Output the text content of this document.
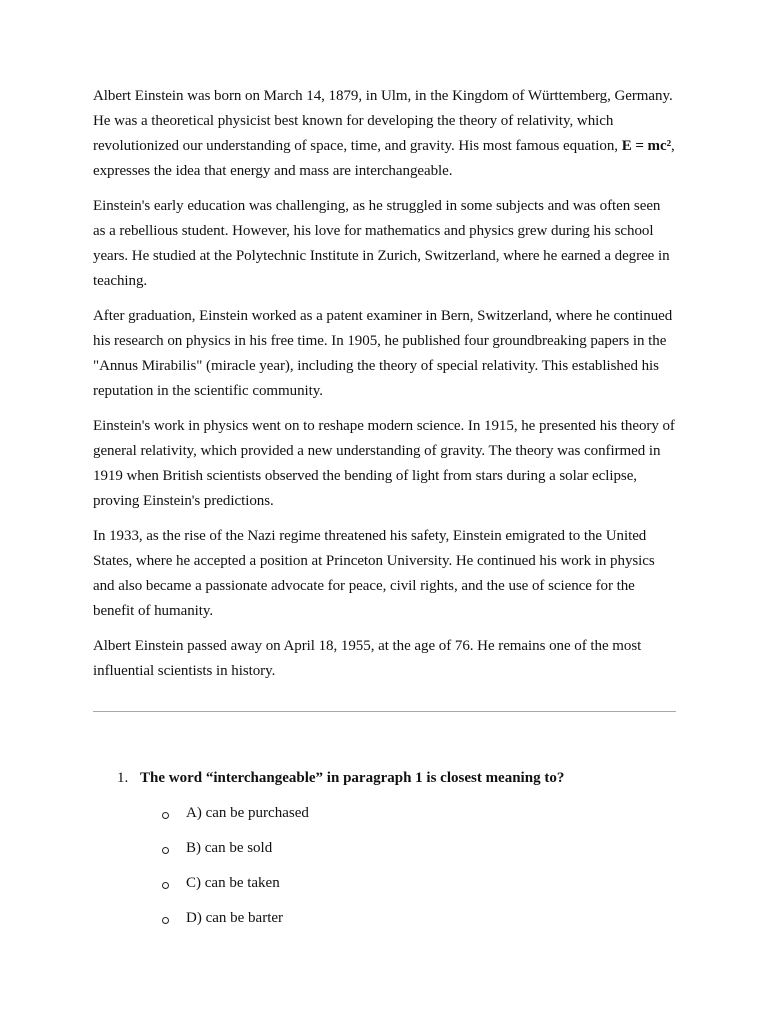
Albert Einstein was born on March 14, 1879, in Ulm, in the Kingdom of Württemberg, Germany. He was a theoretical physicist best known for developing the theory of relativity, which revolutionized our understanding of space, time, and gravity. His most famous equation, E = mc², expresses the idea that energy and mass are interchangeable.

Einstein's early education was challenging, as he struggled in some subjects and was often seen as a rebellious student. However, his love for mathematics and physics grew during his school years. He studied at the Polytechnic Institute in Zurich, Switzerland, where he earned a degree in teaching.

After graduation, Einstein worked as a patent examiner in Bern, Switzerland, where he continued his research on physics in his free time. In 1905, he published four groundbreaking papers in the "Annus Mirabilis" (miracle year), including the theory of special relativity. This established his reputation in the scientific community.

Einstein's work in physics went on to reshape modern science. In 1915, he presented his theory of general relativity, which provided a new understanding of gravity. The theory was confirmed in 1919 when British scientists observed the bending of light from stars during a solar eclipse, proving Einstein's predictions.

In 1933, as the rise of the Nazi regime threatened his safety, Einstein emigrated to the United States, where he accepted a position at Princeton University. He continued his work in physics and also became a passionate advocate for peace, civil rights, and the use of science for the benefit of humanity.

Albert Einstein passed away on April 18, 1955, at the age of 76. He remains one of the most influential scientists in history.

1. The word “interchangeable” in paragraph 1 is closest meaning to?
A) can be purchased
B) can be sold
C) can be taken
D) can be barter
